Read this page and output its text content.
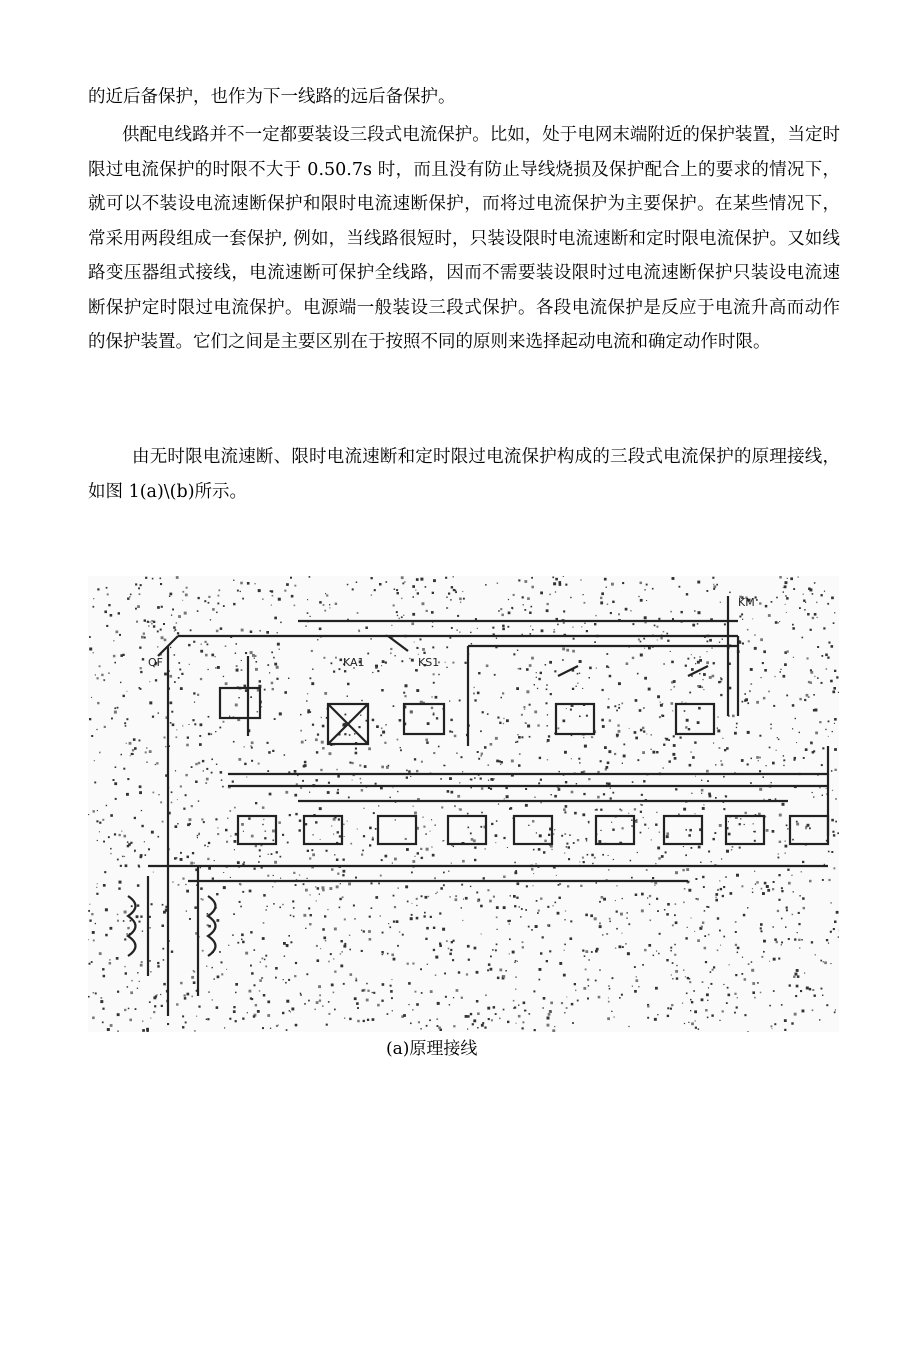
的近后备保护，也作为下一线路的远后备保护。

供配电线路并不一定都要装设三段式电流保护。比如，处于电网末端附近的保护装置，当定时限过电流保护的时限不大于 0.50.7s 时，而且没有防止导线烧损及保护配合上的要求的情况下，就可以不装设电流速断保护和限时电流速断保护，而将过电流保护为主要保护。在某些情况下，常采用两段组成一套保护, 例如，当线路很短时，只装设限时电流速断和定时限电流保护。又如线路变压器组式接线，电流速断可保护全线路，因而不需要装设限时过电流速断保护只装设电流速断保护定时限过电流保护。电源端一般装设三段式保护。各段电流保护是反应于电流升高而动作的保护装置。它们之间是主要区别在于按照不同的原则来选择起动电流和确定动作时限。

由无时限电流速断、限时电流速断和定时限过电流保护构成的三段式电流保护的原理接线，如图 1(a)\(b)所示。

QF	KA1	KS1
KM
(a)原理接线
